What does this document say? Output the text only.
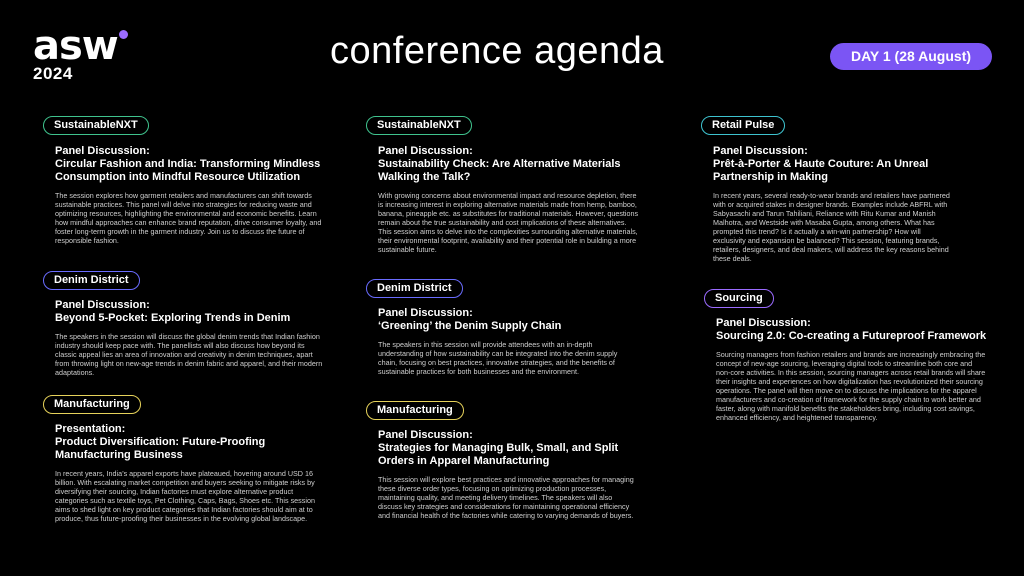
asw
2024
conference agenda	DAY 1 (28 August)
SustainableNXT
Panel Discussion:
Circular Fashion and India: Transforming Mindless Consumption into Mindful Resource Utilization
The session explores how garment retailers and manufacturers can shift towards sustainable practices. This panel will delve into strategies for reducing waste and optimizing resources, highlighting the environmental and economic benefits. Learn how mindful approaches can enhance brand reputation, drive consumer loyalty, and foster long-term growth in the garment industry. Join us to discuss the future of responsible fashion.
Denim District
Panel Discussion:
Beyond 5-Pocket: Exploring Trends in Denim
The speakers in the session will discuss the global denim trends that Indian fashion industry should keep pace with. The panellists will also discuss how beyond its classic appeal lies an area of innovation and creativity in denim techniques, apart from throwing light on new-age trends in denim fabric and apparel, and their modern adaptations.
Manufacturing
Presentation:
Product Diversification: Future-Proofing Manufacturing Business
In recent years, India’s apparel exports have plateaued, hovering around USD 16 billion. With escalating market competition and buyers seeking to mitigate risks by diversifying their sourcing, Indian factories must explore alternative product categories such as textile toys, Pet Clothing, Caps, Bags, Shoes etc. This session aims to shed light on key product categories that Indian factories should aim at to produce, thus future-proofing their businesses in the evolving global landscape.
SustainableNXT
Panel Discussion:
Sustainability Check: Are Alternative Materials Walking the Talk?
With growing concerns about environmental impact and resource depletion, there is increasing interest in exploring alternative materials made from hemp, bamboo, banana, pineapple etc. as substitutes for traditional materials. However, questions remain about the true sustainability and cost implications of these alternatives. This session aims to delve into the complexities surrounding alternative materials, their environmental footprint, availability and their potential role in building a more sustainable future.
Denim District
Panel Discussion:
‘Greening’ the Denim Supply Chain
The speakers in this session will provide attendees with an in-depth understanding of how sustainability can be integrated into the denim supply chain, focusing on best practices, innovative strategies, and the benefits of sustainable practices for both businesses and the environment.
Manufacturing
Panel Discussion:
Strategies for Managing Bulk, Small, and Split Orders in Apparel Manufacturing
This session will explore best practices and innovative approaches for managing these diverse order types, focusing on optimizing production processes, maintaining quality, and meeting delivery timelines. The speakers will also discuss key strategies and considerations for maintaining operational efficiency and financial health of the factories while catering to varying demands of buyers.
Retail Pulse
Panel Discussion:
Prêt-à-Porter & Haute Couture: An Unreal Partnership in Making
In recent years, several ready-to-wear brands and retailers have partnered with or acquired stakes in designer brands. Examples include ABFRL with Sabyasachi and Tarun Tahiliani, Reliance with Ritu Kumar and Manish Malhotra, and Westside with Masaba Gupta, among others. What has prompted this trend? Is it actually a win-win partnership? How will exclusivity and expansion be balanced? This session, featuring brands, retailers, designers, and deal makers, will address the key reasons behind these deals.
Sourcing
Panel Discussion:
Sourcing 2.0: Co-creating a Futureproof Framework
Sourcing managers from fashion retailers and brands are increasingly embracing the concept of new-age sourcing, leveraging digital tools to streamline both core and non-core activities. In this session, sourcing managers across retail brands will share their insights and experiences on how digitalization has revolutionized their sourcing operations. The panel will then move on to discuss the implications for the apparel manufacturers and co-creation of framework for the supply chain to work better and faster, along with manifold benefits the stakeholders bring, including cost savings, enhanced efficiency, and heightened transparency.
